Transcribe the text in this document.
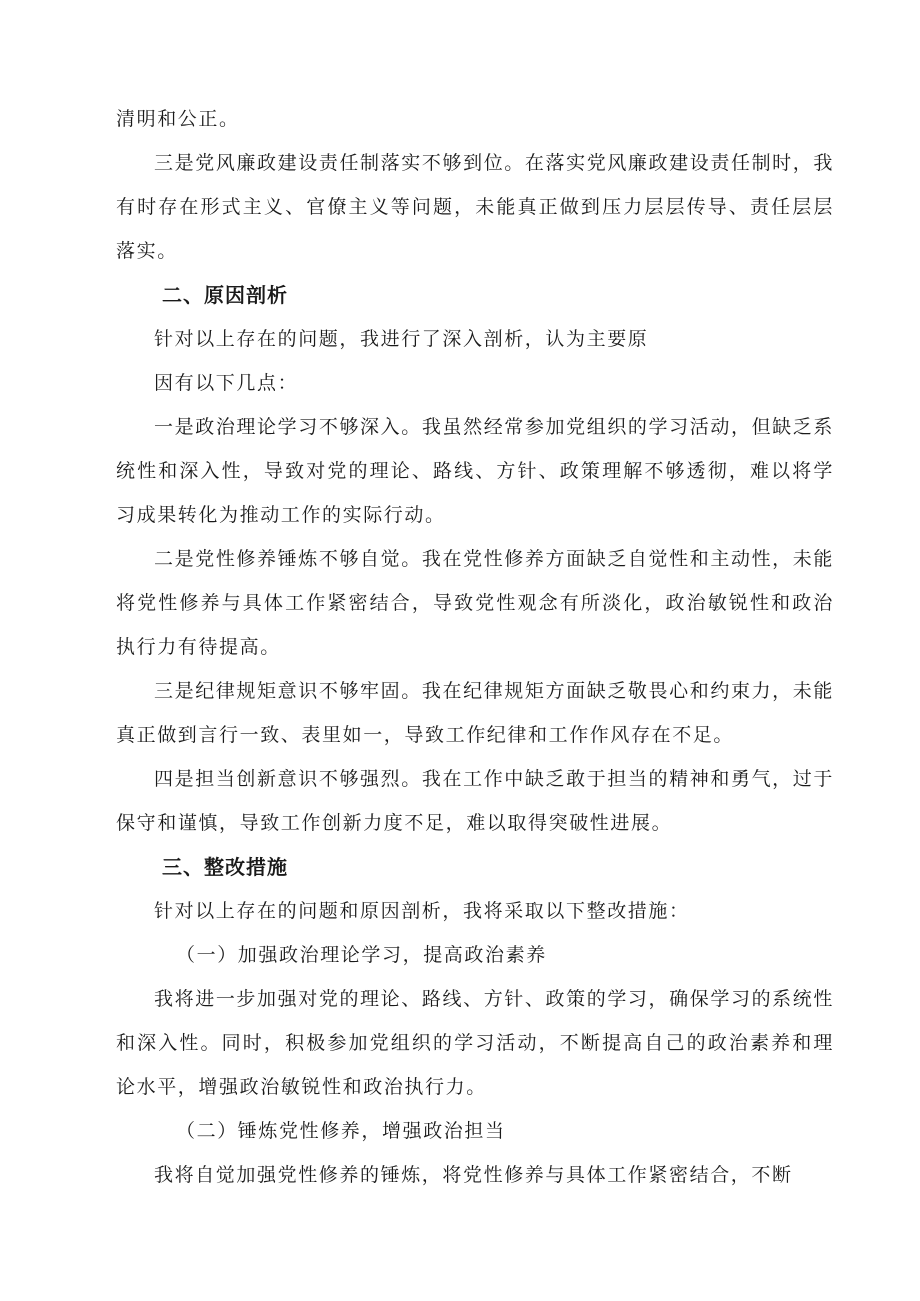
清明和公正。

三是党风廉政建设责任制落实不够到位。在落实党风廉政建设责任制时，我有时存在形式主义、官僚主义等问题，未能真正做到压力层层传导、责任层层落实。

二、原因剖析

针对以上存在的问题，我进行了深入剖析，认为主要原

因有以下几点：

一是政治理论学习不够深入。我虽然经常参加党组织的学习活动，但缺乏系统性和深入性，导致对党的理论、路线、方针、政策理解不够透彻，难以将学习成果转化为推动工作的实际行动。

二是党性修养锤炼不够自觉。我在党性修养方面缺乏自觉性和主动性，未能将党性修养与具体工作紧密结合，导致党性观念有所淡化，政治敏锐性和政治执行力有待提高。

三是纪律规矩意识不够牢固。我在纪律规矩方面缺乏敬畏心和约束力，未能真正做到言行一致、表里如一，导致工作纪律和工作作风存在不足。

四是担当创新意识不够强烈。我在工作中缺乏敢于担当的精神和勇气，过于保守和谨慎，导致工作创新力度不足，难以取得突破性进展。

三、整改措施

针对以上存在的问题和原因剖析，我将采取以下整改措施：

（一）加强政治理论学习，提高政治素养

我将进一步加强对党的理论、路线、方针、政策的学习，确保学习的系统性和深入性。同时，积极参加党组织的学习活动，不断提高自己的政治素养和理论水平，增强政治敏锐性和政治执行力。

（二）锤炼党性修养，增强政治担当

我将自觉加强党性修养的锤炼，将党性修养与具体工作紧密结合，不断
